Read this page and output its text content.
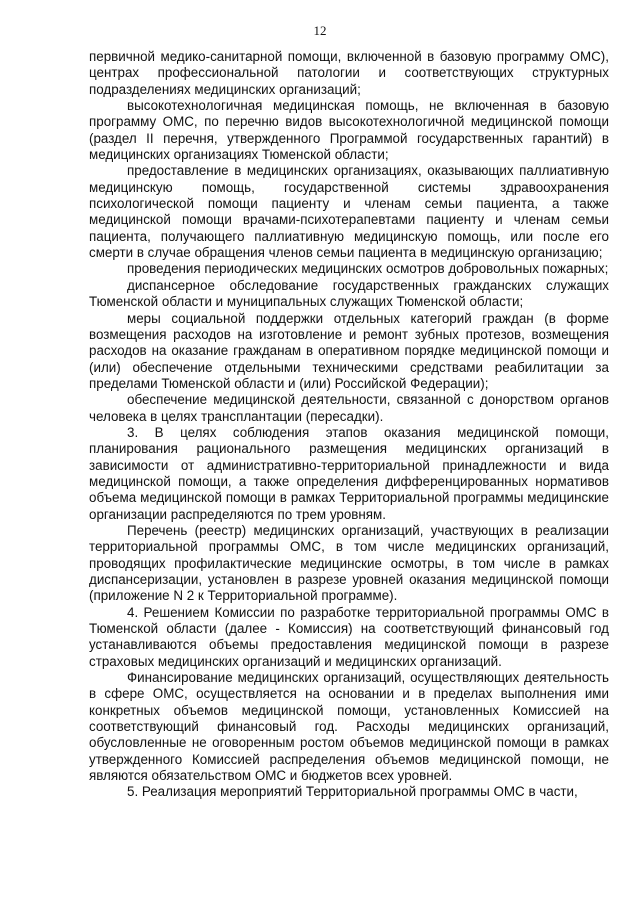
12

первичной медико-санитарной помощи, включенной в базовую программу ОМС), центрах профессиональной патологии и соответствующих структурных подразделениях медицинских организаций;

высокотехнологичная медицинская помощь, не включенная в базовую программу ОМС, по перечню видов высокотехнологичной медицинской помощи (раздел II перечня, утвержденного Программой государственных гарантий) в медицинских организациях Тюменской области;

предоставление в медицинских организациях, оказывающих паллиативную медицинскую помощь, государственной системы здравоохранения психологической помощи пациенту и членам семьи пациента, а также медицинской помощи врачами-психотерапевтами пациенту и членам семьи пациента, получающего паллиативную медицинскую помощь, или после его смерти в случае обращения членов семьи пациента в медицинскую организацию;

проведения периодических медицинских осмотров добровольных пожарных;

диспансерное обследование государственных гражданских служащих Тюменской области и муниципальных служащих Тюменской области;

меры социальной поддержки отдельных категорий граждан (в форме возмещения расходов на изготовление и ремонт зубных протезов, возмещения расходов на оказание гражданам в оперативном порядке медицинской помощи и (или) обеспечение отдельными техническими средствами реабилитации за пределами Тюменской области и (или) Российской Федерации);

обеспечение медицинской деятельности, связанной с донорством органов человека в целях трансплантации (пересадки).

3. В целях соблюдения этапов оказания медицинской помощи, планирования рационального размещения медицинских организаций в зависимости от административно-территориальной принадлежности и вида медицинской помощи, а также определения дифференцированных нормативов объема медицинской помощи в рамках Территориальной программы медицинские организации распределяются по трем уровням.

Перечень (реестр) медицинских организаций, участвующих в реализации территориальной программы ОМС, в том числе медицинских организаций, проводящих профилактические медицинские осмотры, в том числе в рамках диспансеризации, установлен в разрезе уровней оказания медицинской помощи (приложение N 2 к Территориальной программе).

4. Решением Комиссии по разработке территориальной программы ОМС в Тюменской области (далее - Комиссия) на соответствующий финансовый год устанавливаются объемы предоставления медицинской помощи в разрезе страховых медицинских организаций и медицинских организаций.

Финансирование медицинских организаций, осуществляющих деятельность в сфере ОМС, осуществляется на основании и в пределах выполнения ими конкретных объемов медицинской помощи, установленных Комиссией на соответствующий финансовый год. Расходы медицинских организаций, обусловленные не оговоренным ростом объемов медицинской помощи в рамках утвержденного Комиссией распределения объемов медицинской помощи, не являются обязательством ОМС и бюджетов всех уровней.

5. Реализация мероприятий Территориальной программы ОМС в части,
